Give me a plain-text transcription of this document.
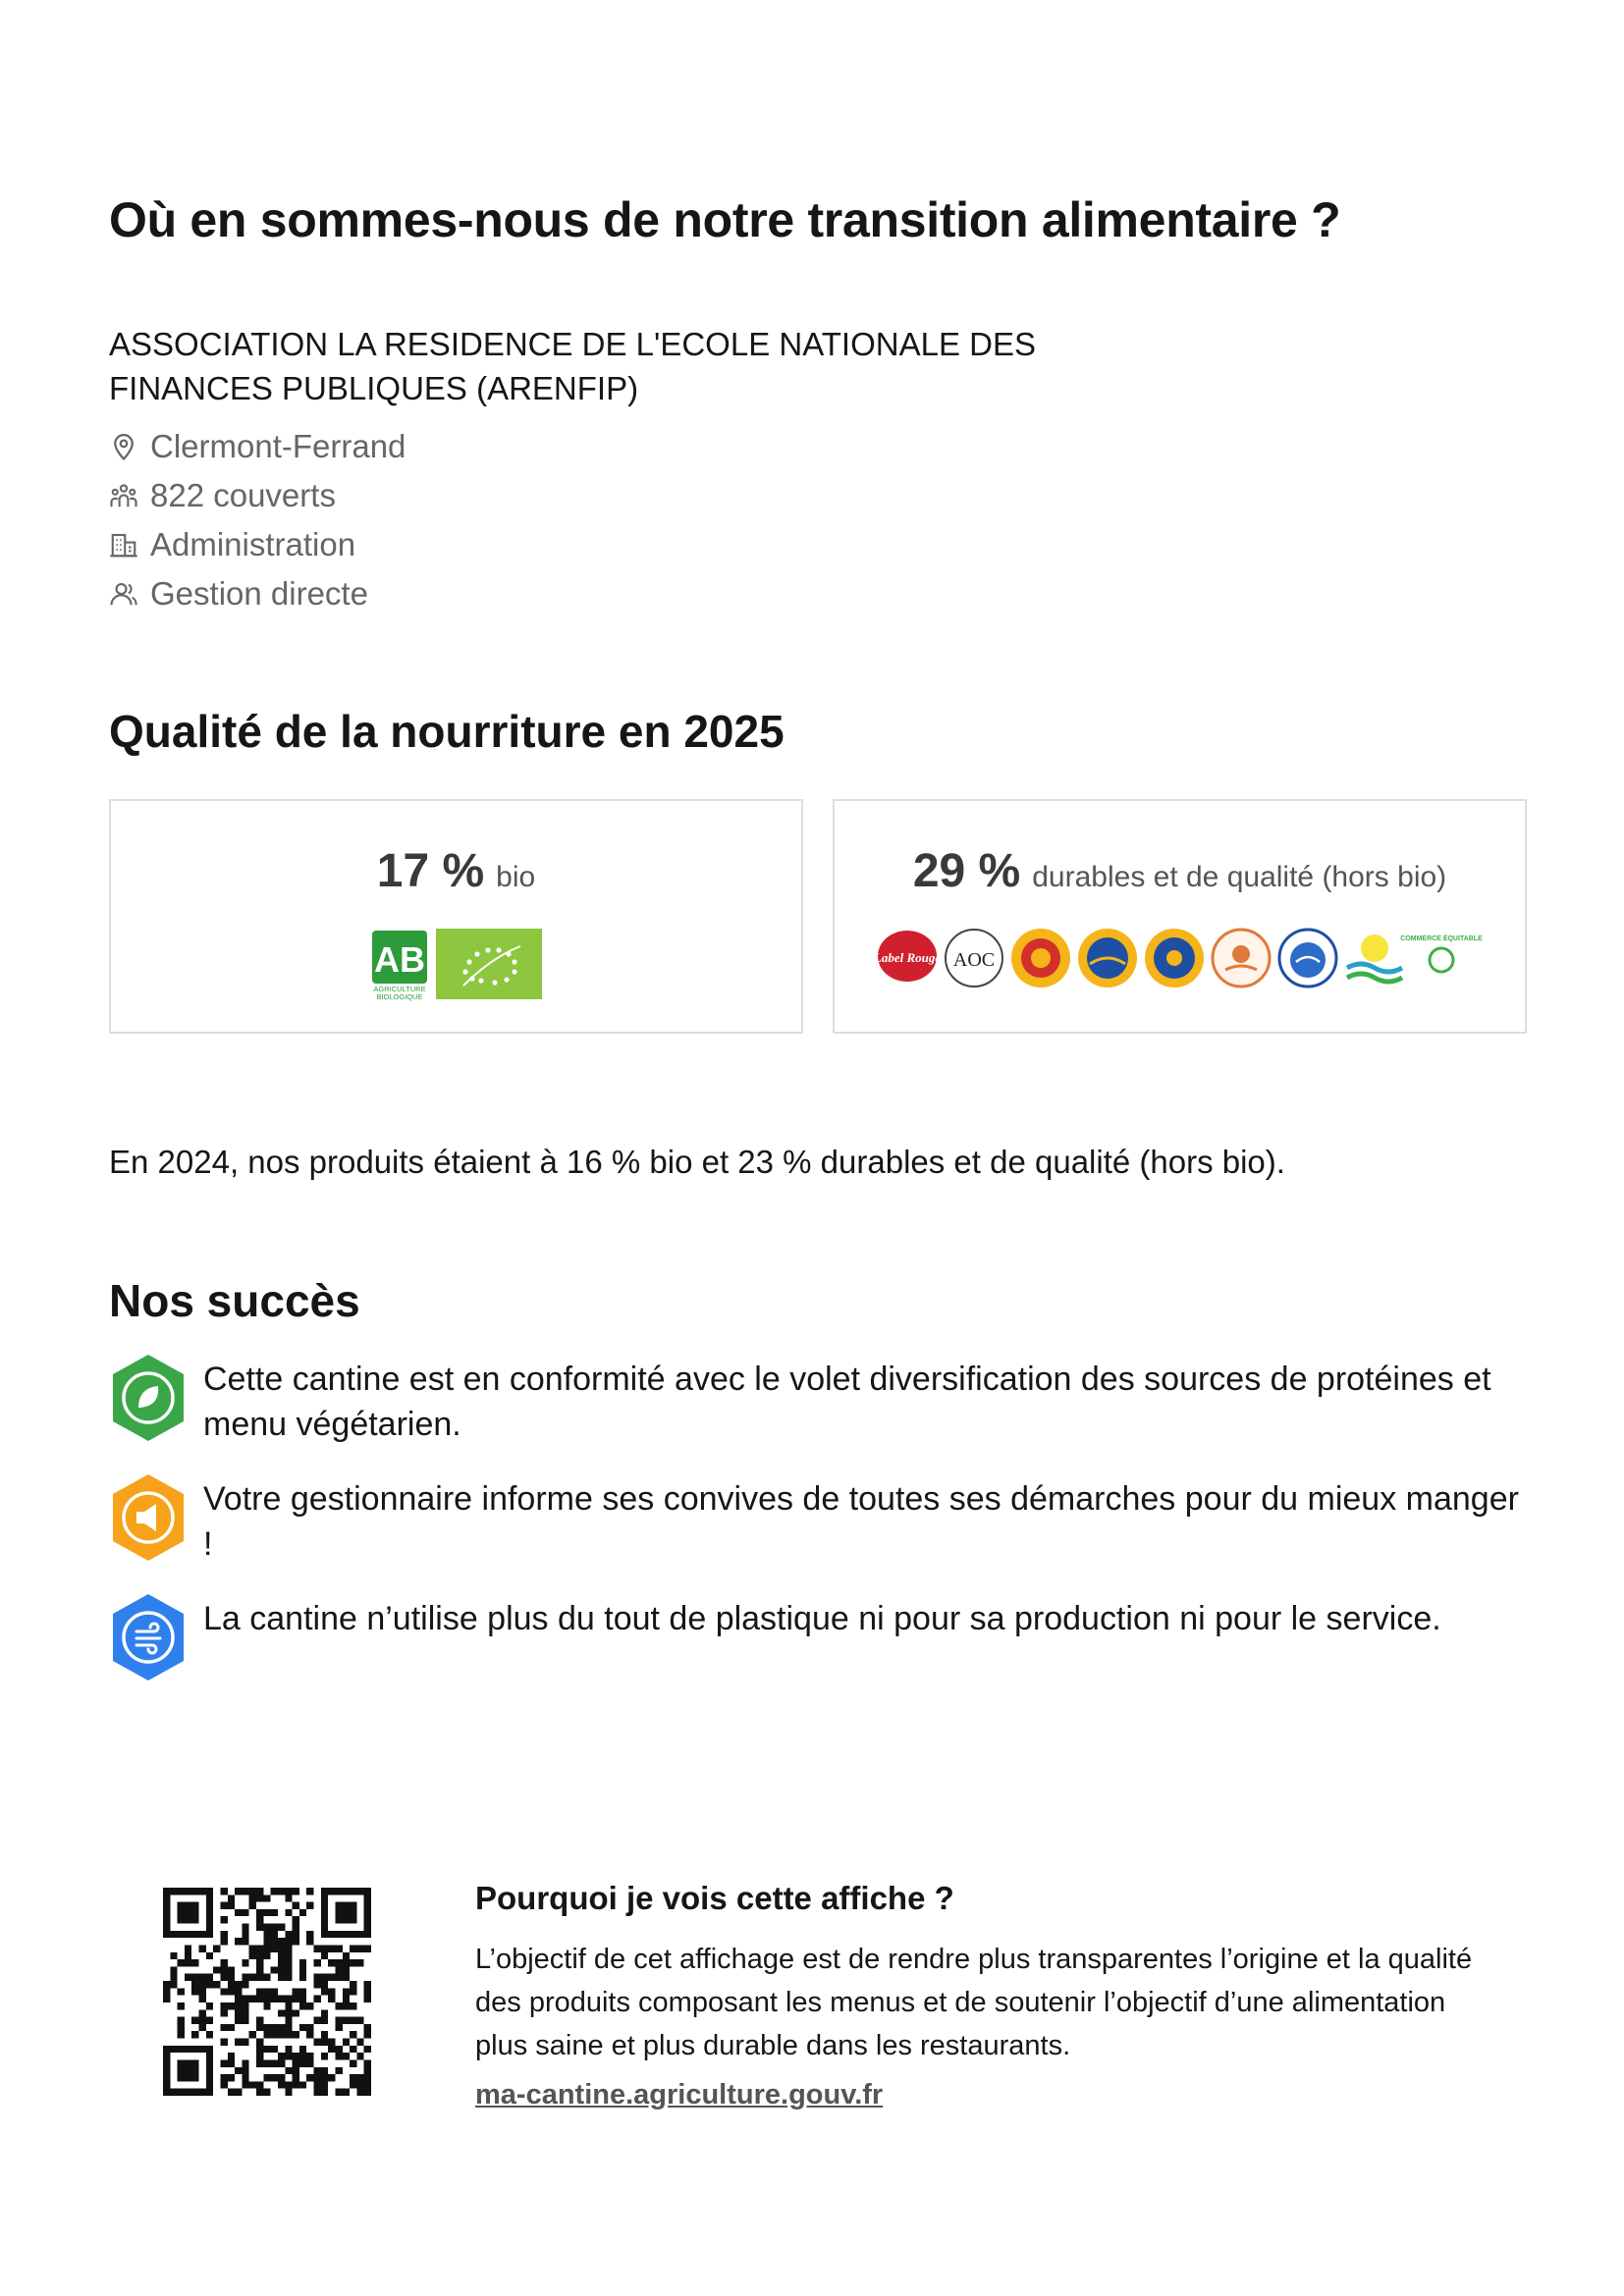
Où en sommes-nous de notre transition alimentaire ?
ASSOCIATION LA RESIDENCE DE L'ECOLE NATIONALE DES
FINANCES PUBLIQUES (ARENFIP)
Clermont-Ferrand
822 couverts
Administration
Gestion directe
Qualité de la nourriture en 2025
17 % bio
AB
AGRICULTURE
BIOLOGIQUE
29 % durables et de qualité (hors bio)
Label Rouge AOC
COMMERCE ÉQUITABLE
En 2024, nos produits étaient à 16 % bio et 23 % durables et de qualité (hors bio).
Nos succès
Cette cantine est en conformité avec le volet diversification des sources de protéines et menu végétarien.
Votre gestionnaire informe ses convives de toutes ses démarches pour du mieux manger !
La cantine n’utilise plus du tout de plastique ni pour sa production ni pour le service.
Pourquoi je vois cette affiche ?
L’objectif de cet affichage est de rendre plus transparentes l’origine et la qualité des produits composant les menus et de soutenir l’objectif d’une alimentation plus saine et plus durable dans les restaurants.
ma-cantine.agriculture.gouv.fr
